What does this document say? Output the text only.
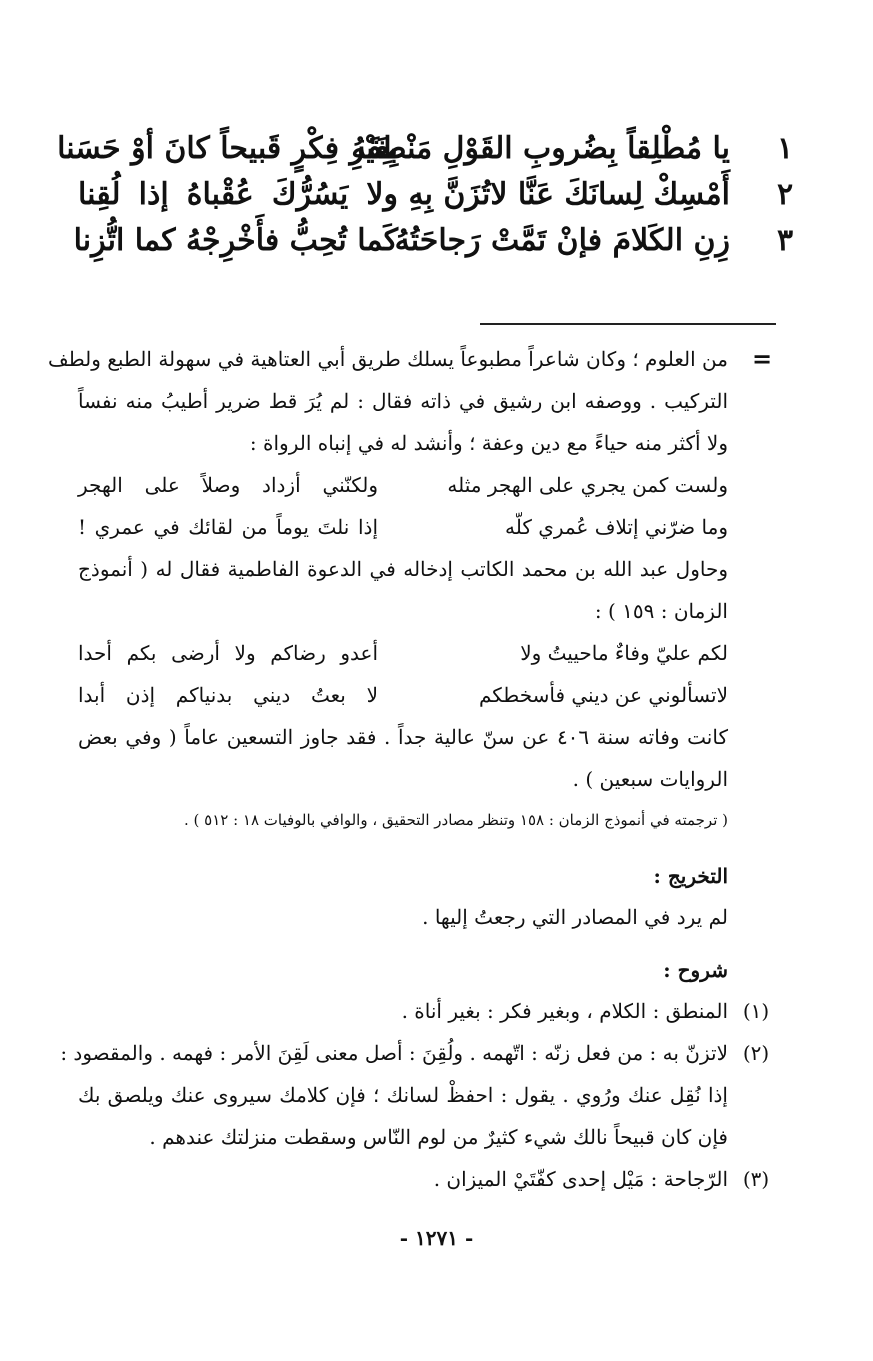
١
يا مُطْلِقاً بِضُروبِ القَوْلِ مَنْطِقَهُ
بِغَيْرِ فِكْرٍ قَبيحاً كانَ أوْ حَسَنا
٢
أَمْسِكْ لِسانَكَ عَنَّا لاتُزَنَّ بِهِ
ولا يَسُرُّكَ عُقْباهُ إذا لُقِنا
٣
زِنِ الكَلامَ فإنْ تَمَّتْ رَجاحَتُهُ
كَما تُحِبُّ فأَخْرِجْهُ كما اتُّزِنا
=
من العلوم ؛ وكان شاعراً مطبوعاً يسلك طريق أبي العتاهية في سهولة الطبع ولطف
التركيب . ووصفه ابن رشيق في ذاته فقال : لم يُرَ قط ضرير أطيبُ منه نفساً
ولا أكثر منه حياءً مع دين وعفة ؛ وأنشد له في إنباه الرواة :
ولست كمن يجري على الهجر مثله
ولكنّني أزداد وصلاً على الهجر
وما ضرّني إتلاف عُمري كلّه
إذا نلتَ يوماً من لقائك في عمري !
وحاول عبد الله بن محمد الكاتب إدخاله في الدعوة الفاطمية فقال له ( أنموذج
الزمان : ١٥٩ ) :
لكم عليّ وفاءٌ ماحييتُ ولا
أعدو رضاكم ولا أرضى بكم أحدا
لاتسألوني عن ديني فأسخطكم
لا بعتُ ديني بدنياكم إذن أبدا
كانت وفاته سنة ٤٠٦ عن سنّ عالية جداً . فقد جاوز التسعين عاماً ( وفي بعض
الروايات سبعين ) .
( ترجمته في أنموذج الزمان : ١٥٨ وتنظر مصادر التحقيق ، والوافي بالوفيات ١٨ : ٥١٢ ) .
التخريج :
لم يرد في المصادر التي رجعتُ إليها .
شروح :
(١)
المنطق : الكلام ، وبغير فكر : بغير أناة .
(٢)
لاتزنّ به : من فعل زنّه : اتّهمه . ولُقِنَ : أصل معنى لَقِنَ الأمر : فهمه . والمقصود :
إذا نُقِل عنك ورُوي . يقول : احفظْ لسانك ؛ فإن كلامك سيروى عنك ويلصق بك
فإن كان قبيحاً نالك شيء كثيرٌ من لوم النّاس وسقطت منزلتك عندهم .
(٣)
الرّجاحة : مَيْل إحدى كفّتَيْ الميزان .
- ١٢٧١ -
